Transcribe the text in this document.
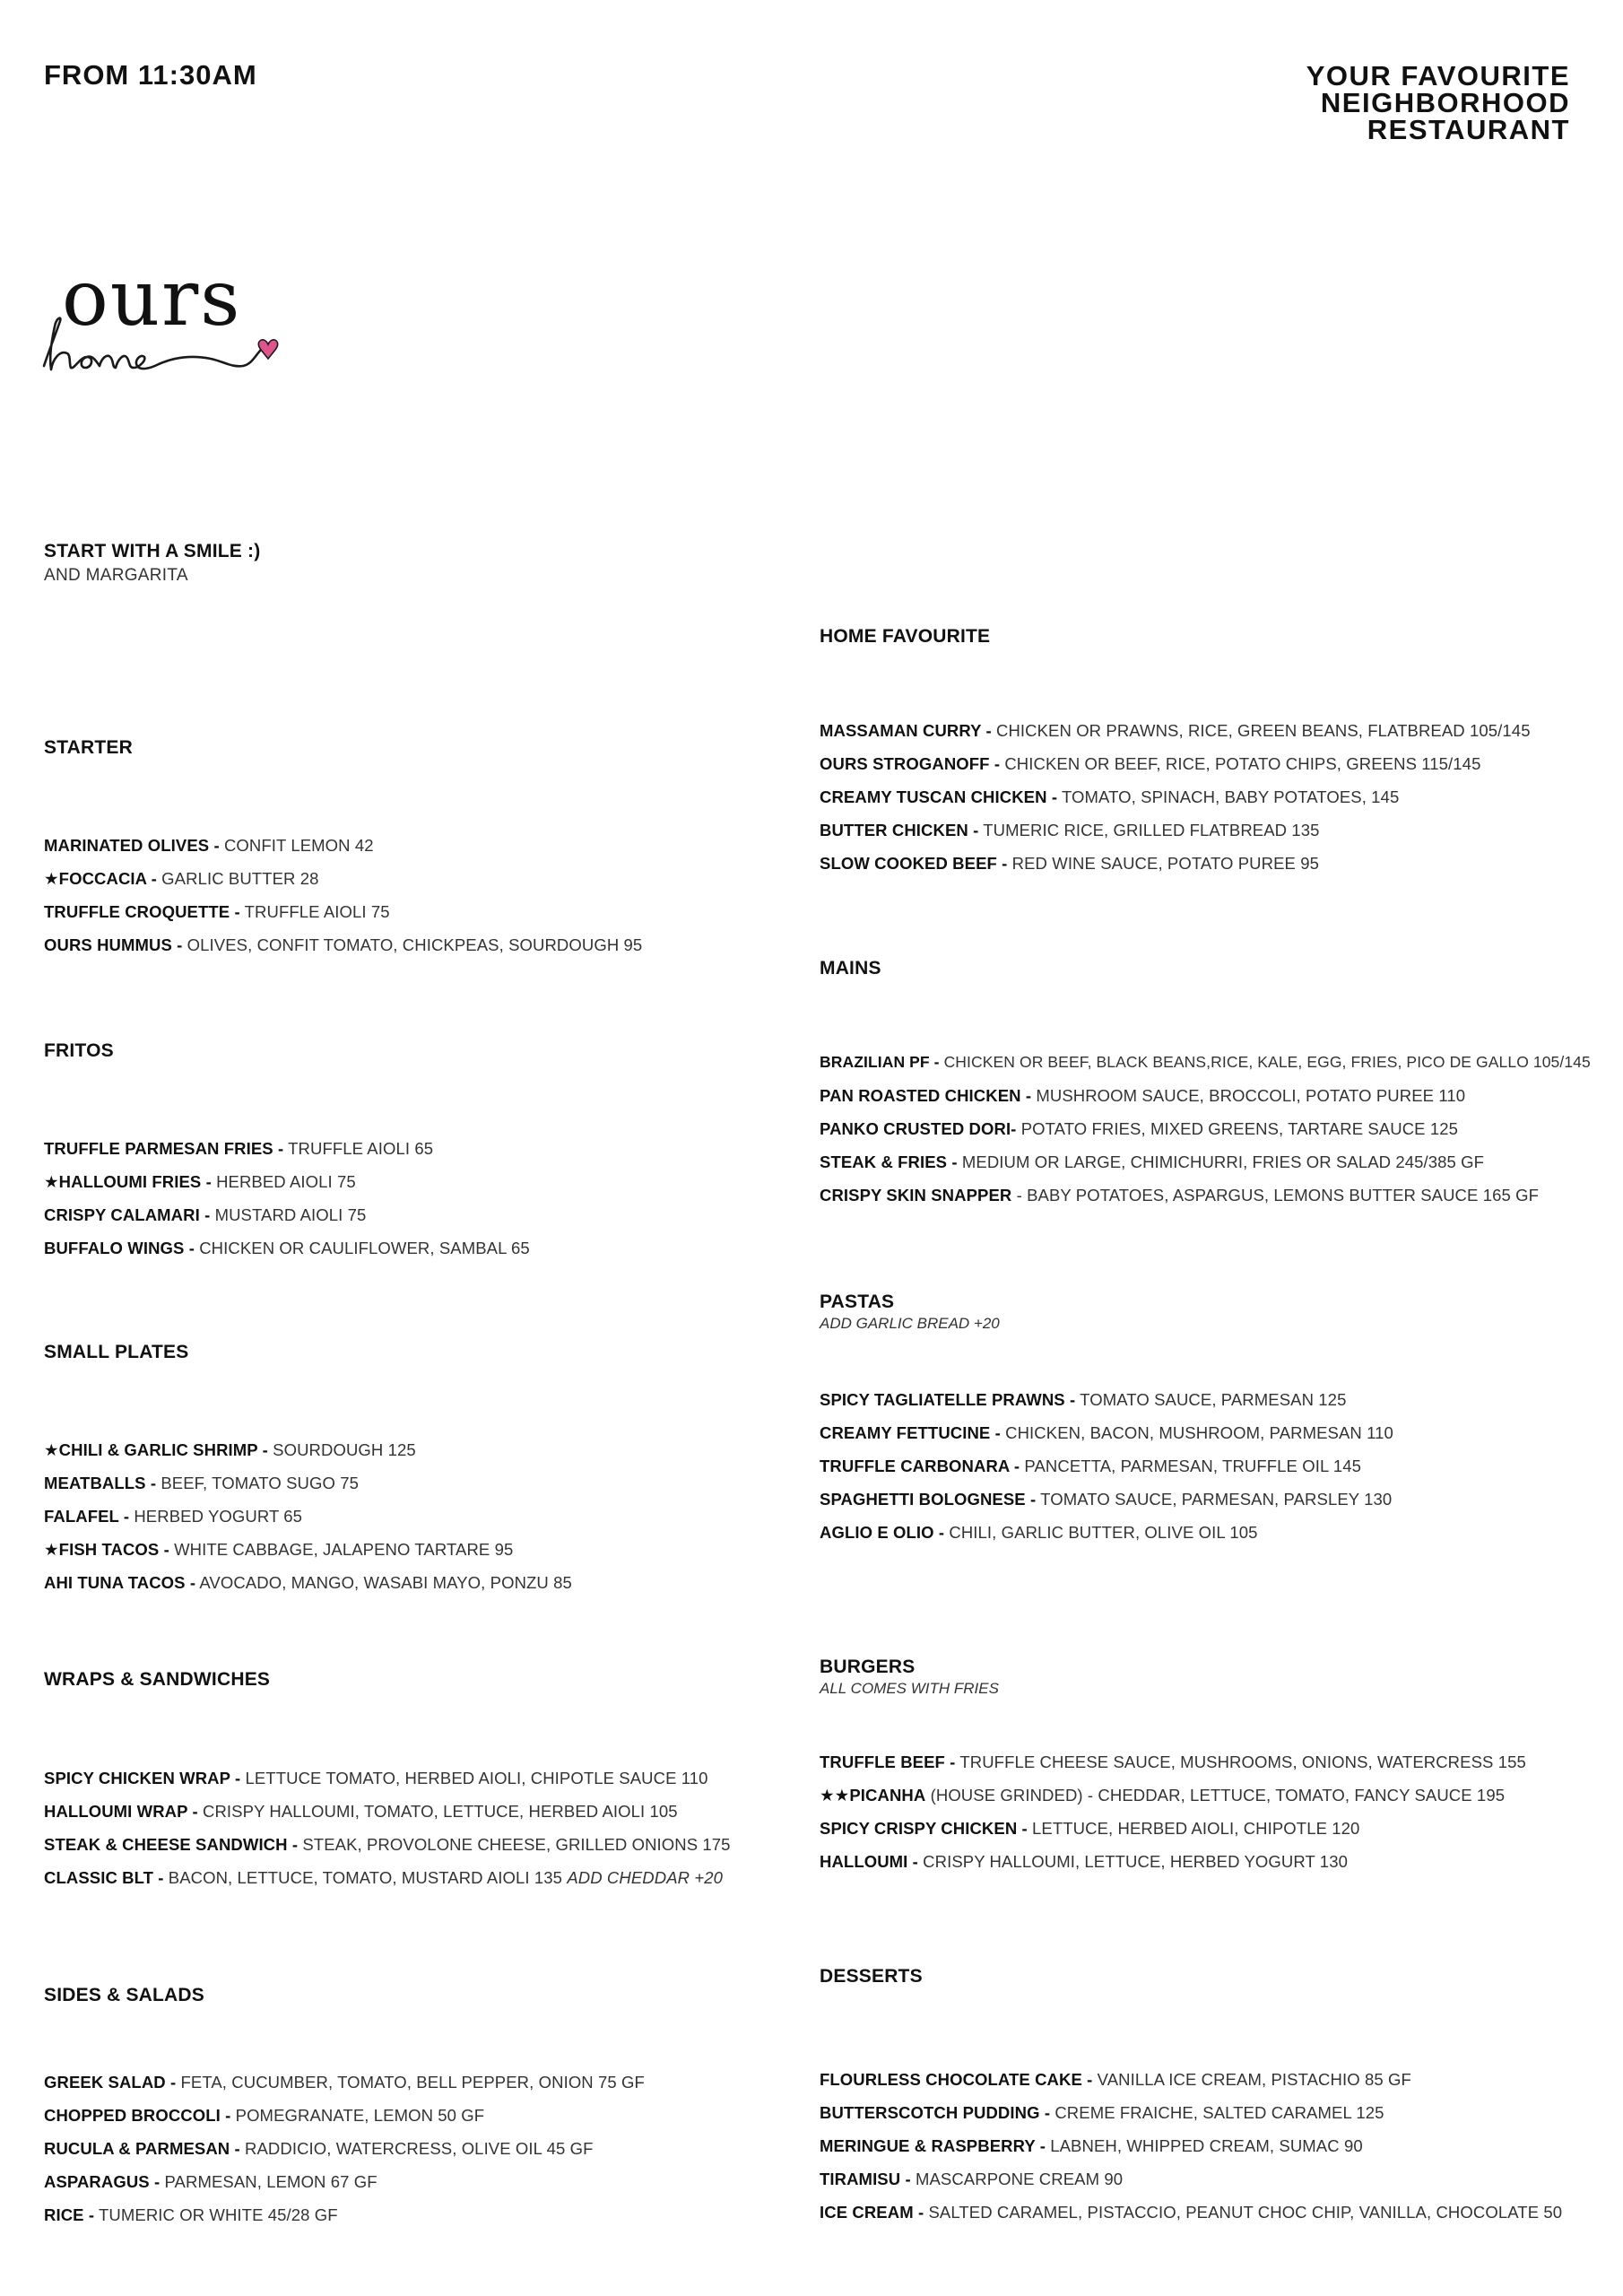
FROM 11:30AM	YOUR FAVOURITE
NEIGHBORHOOD
RESTAURANT
ours
START WITH A SMILE :)
AND MARGARITA
STARTER
MARINATED OLIVES - CONFIT LEMON 42
★FOCCACIA - GARLIC BUTTER 28
TRUFFLE CROQUETTE - TRUFFLE AIOLI 75
OURS HUMMUS - OLIVES, CONFIT TOMATO, CHICKPEAS, SOURDOUGH 95
FRITOS
TRUFFLE PARMESAN FRIES - TRUFFLE AIOLI 65
★HALLOUMI FRIES - HERBED AIOLI 75
CRISPY CALAMARI - MUSTARD AIOLI 75
BUFFALO WINGS - CHICKEN OR CAULIFLOWER, SAMBAL 65
SMALL PLATES
★CHILI & GARLIC SHRIMP - SOURDOUGH 125
MEATBALLS - BEEF, TOMATO SUGO 75
FALAFEL - HERBED YOGURT 65
★FISH TACOS - WHITE CABBAGE, JALAPENO TARTARE 95
AHI TUNA TACOS - AVOCADO, MANGO, WASABI MAYO, PONZU 85
WRAPS & SANDWICHES
SPICY CHICKEN WRAP - LETTUCE TOMATO, HERBED AIOLI, CHIPOTLE SAUCE 110
HALLOUMI WRAP - CRISPY HALLOUMI, TOMATO, LETTUCE, HERBED AIOLI 105
STEAK & CHEESE SANDWICH - STEAK, PROVOLONE CHEESE, GRILLED ONIONS 175
CLASSIC BLT - BACON, LETTUCE, TOMATO, MUSTARD AIOLI 135 ADD CHEDDAR +20
SIDES & SALADS
GREEK SALAD - FETA, CUCUMBER, TOMATO, BELL PEPPER, ONION 75 GF
CHOPPED BROCCOLI - POMEGRANATE, LEMON 50 GF
RUCULA & PARMESAN - RADDICIO, WATERCRESS, OLIVE OIL 45 GF
ASPARAGUS - PARMESAN, LEMON 67 GF
RICE - TUMERIC OR WHITE 45/28 GF
HOME FAVOURITE
MASSAMAN CURRY - CHICKEN OR PRAWNS, RICE, GREEN BEANS, FLATBREAD 105/145
OURS STROGANOFF - CHICKEN OR BEEF, RICE, POTATO CHIPS, GREENS 115/145
CREAMY TUSCAN CHICKEN - TOMATO, SPINACH, BABY POTATOES, 145
BUTTER CHICKEN - TUMERIC RICE, GRILLED FLATBREAD 135
SLOW COOKED BEEF - RED WINE SAUCE, POTATO PUREE 95
MAINS
BRAZILIAN PF - CHICKEN OR BEEF, BLACK BEANS,RICE, KALE, EGG, FRIES, PICO DE GALLO 105/145
PAN ROASTED CHICKEN - MUSHROOM SAUCE, BROCCOLI, POTATO PUREE 110
PANKO CRUSTED DORI- POTATO FRIES, MIXED GREENS, TARTARE SAUCE 125
STEAK & FRIES - MEDIUM OR LARGE, CHIMICHURRI, FRIES OR SALAD 245/385 GF
CRISPY SKIN SNAPPER - BABY POTATOES, ASPARGUS, LEMONS BUTTER SAUCE 165 GF
PASTAS
ADD GARLIC BREAD +20
SPICY TAGLIATELLE PRAWNS - TOMATO SAUCE, PARMESAN 125
CREAMY FETTUCINE - CHICKEN, BACON, MUSHROOM, PARMESAN 110
TRUFFLE CARBONARA - PANCETTA, PARMESAN, TRUFFLE OIL 145
SPAGHETTI BOLOGNESE - TOMATO SAUCE, PARMESAN, PARSLEY 130
AGLIO E OLIO - CHILI, GARLIC BUTTER, OLIVE OIL 105
BURGERS
ALL COMES WITH FRIES
TRUFFLE BEEF - TRUFFLE CHEESE SAUCE, MUSHROOMS, ONIONS, WATERCRESS 155
★★PICANHA (HOUSE GRINDED) - CHEDDAR, LETTUCE, TOMATO, FANCY SAUCE 195
SPICY CRISPY CHICKEN - LETTUCE, HERBED AIOLI, CHIPOTLE 120
HALLOUMI - CRISPY HALLOUMI, LETTUCE, HERBED YOGURT 130
DESSERTS
FLOURLESS CHOCOLATE CAKE - VANILLA ICE CREAM, PISTACHIO 85 GF
BUTTERSCOTCH PUDDING - CREME FRAICHE, SALTED CARAMEL 125
MERINGUE & RASPBERRY - LABNEH, WHIPPED CREAM, SUMAC 90
TIRAMISU - MASCARPONE CREAM 90
ICE CREAM - SALTED CARAMEL, PISTACCIO, PEANUT CHOC CHIP, VANILLA, CHOCOLATE 50
